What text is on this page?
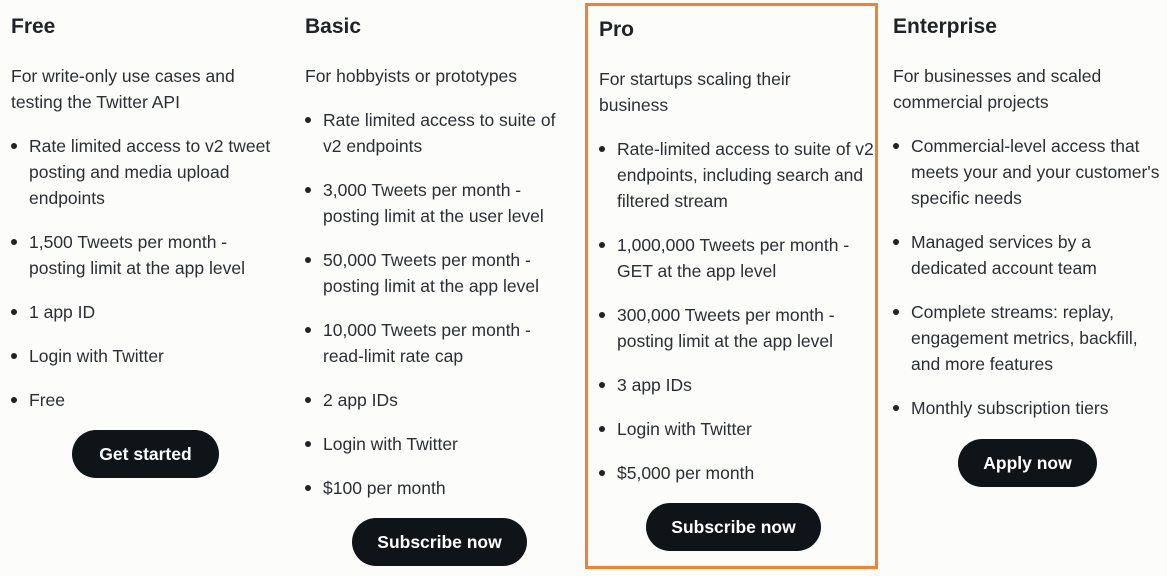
Free

For write-only use cases and testing the Twitter API

Rate limited access to v2 tweet posting and media upload endpoints
1,500 Tweets per month - posting limit at the app level
1 app ID
Login with Twitter
Free
Get started
Basic

For hobbyists or prototypes

Rate limited access to suite of v2 endpoints
3,000 Tweets per month - posting limit at the user level
50,000 Tweets per month - posting limit at the app level
10,000 Tweets per month - read-limit rate cap
2 app IDs
Login with Twitter
$100 per month
Subscribe now
Pro

For startups scaling their business

Rate-limited access to suite of v2 endpoints, including search and filtered stream
1,000,000 Tweets per month - GET at the app level
300,000 Tweets per month - posting limit at the app level
3 app IDs
Login with Twitter
$5,000 per month
Subscribe now
Enterprise

For businesses and scaled commercial projects

Commercial-level access that meets your and your customer's specific needs
Managed services by a dedicated account team
Complete streams: replay, engagement metrics, backfill, and more features
Monthly subscription tiers
Apply now
